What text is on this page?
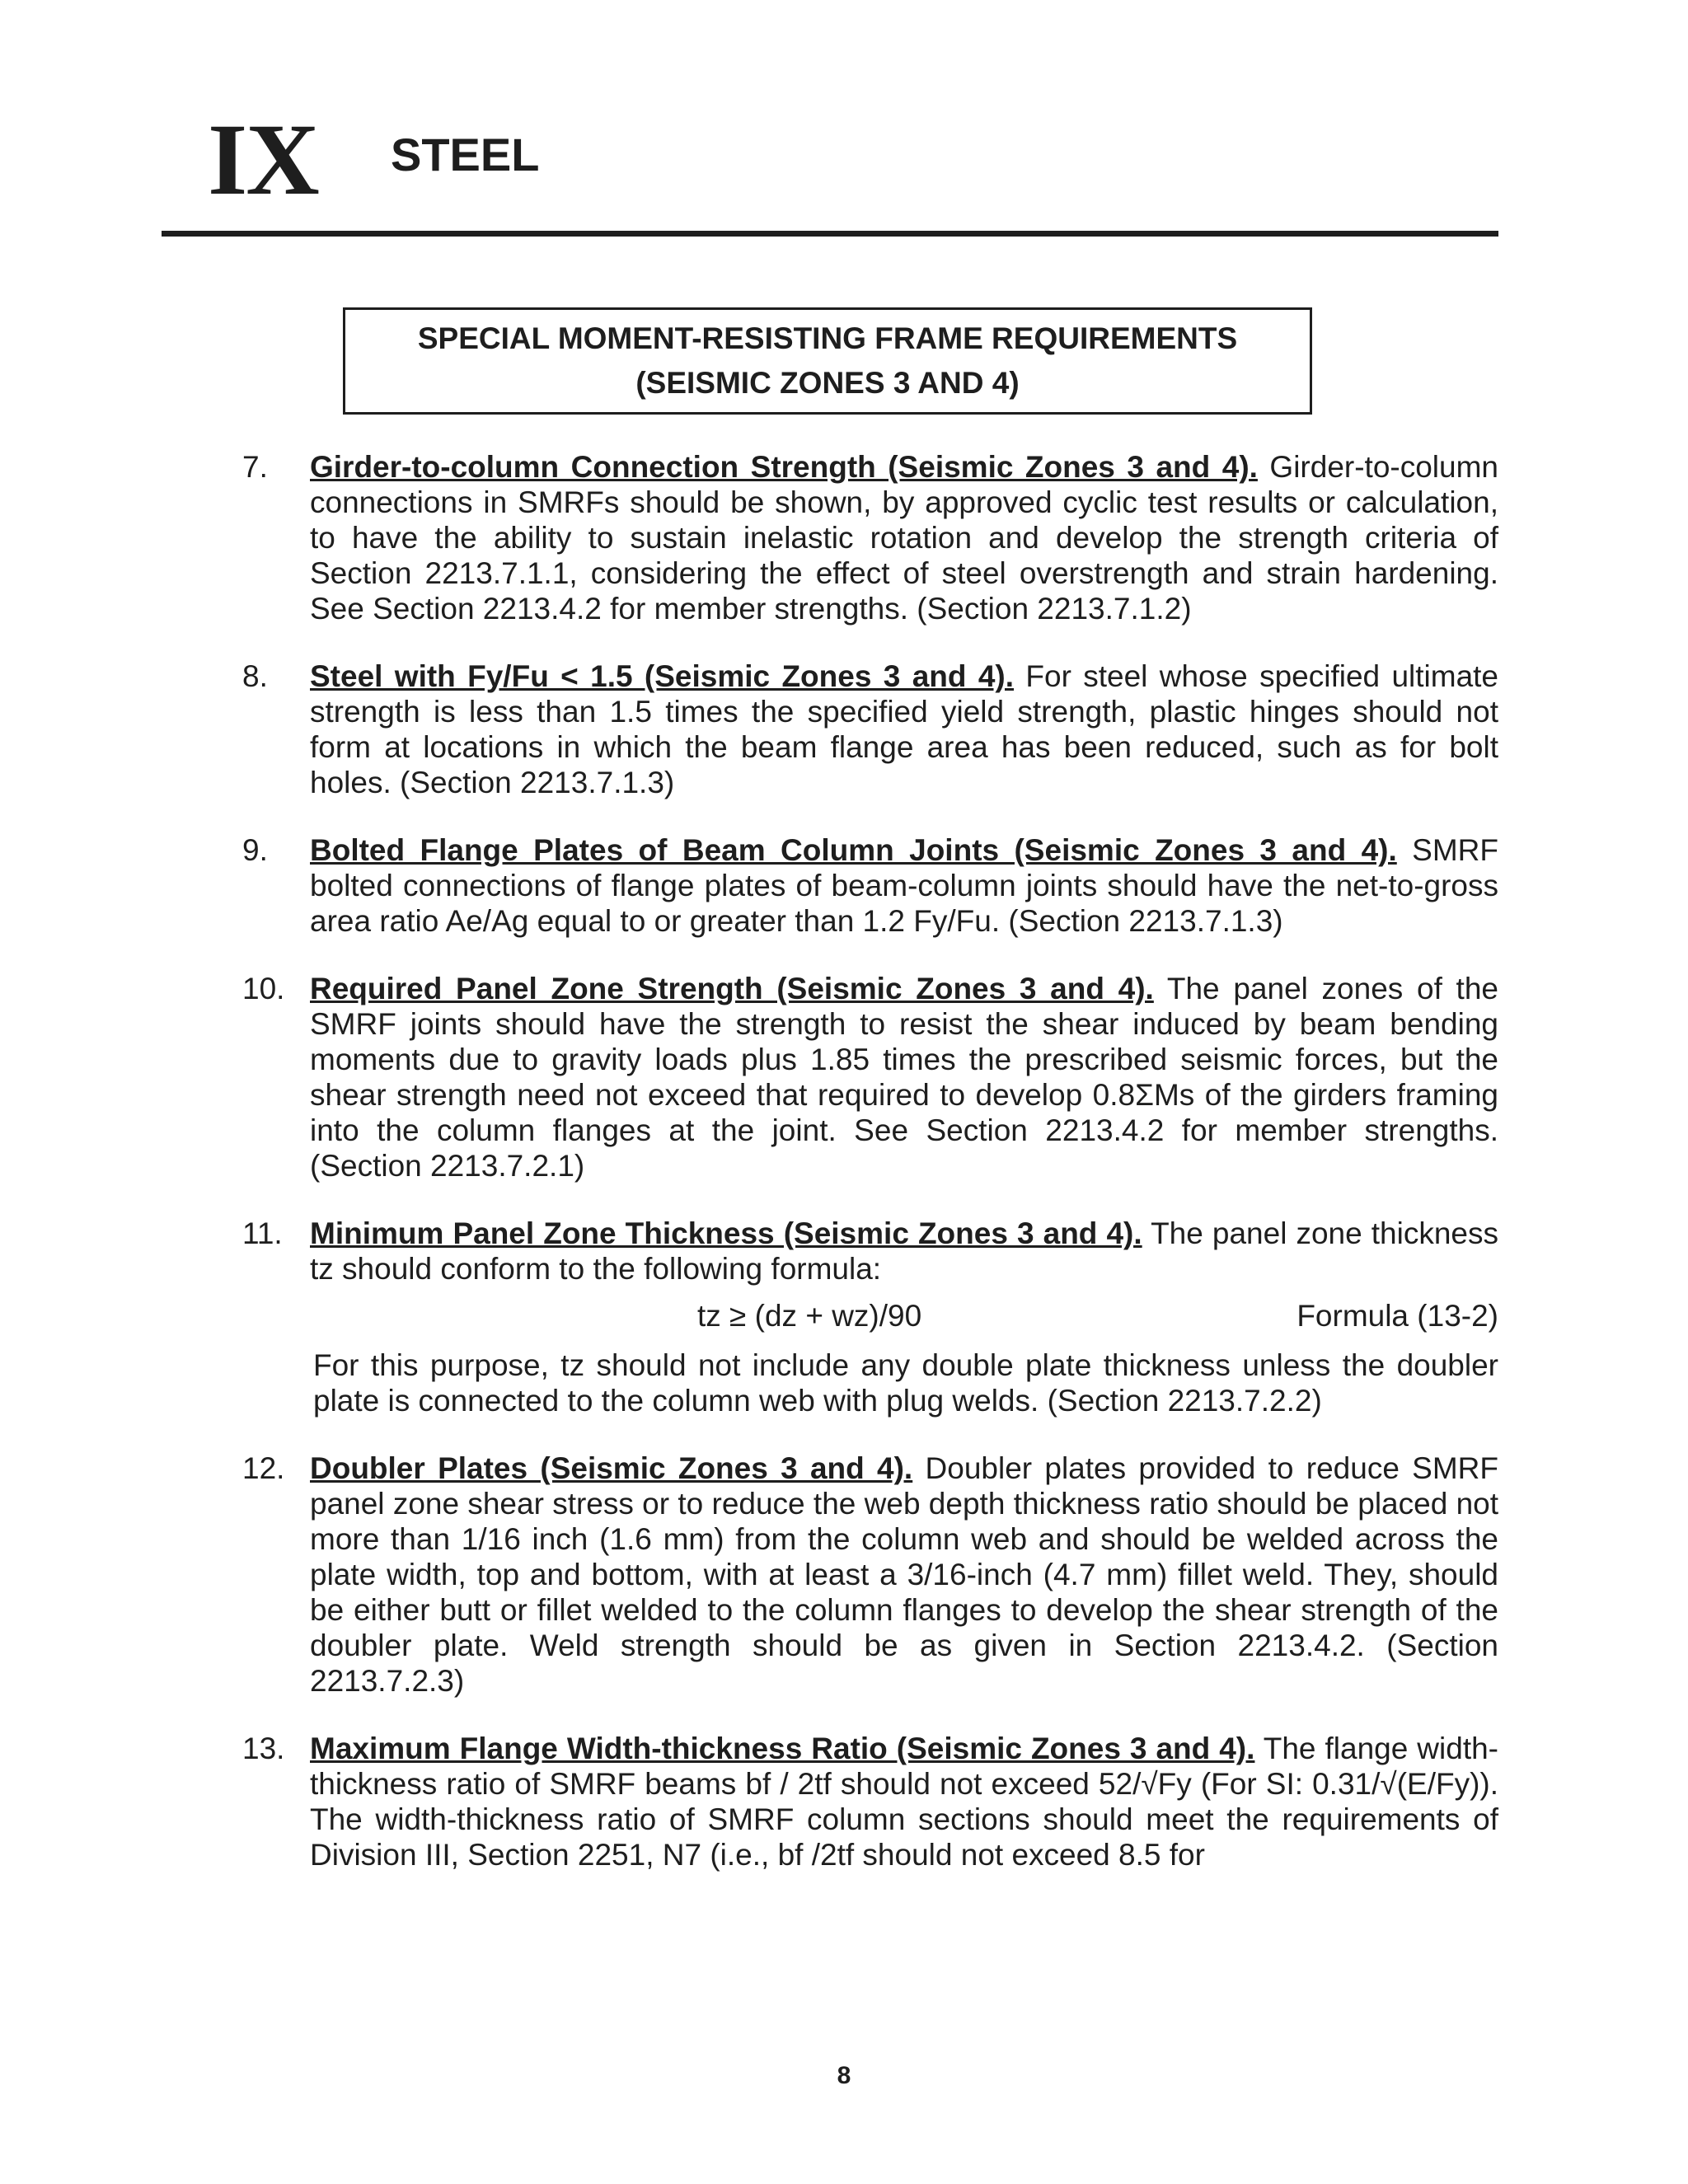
IX STEEL
SPECIAL MOMENT-RESISTING FRAME REQUIREMENTS
(SEISMIC ZONES 3 AND 4)
7. Girder-to-column Connection Strength (Seismic Zones 3 and 4). Girder-to-column connections in SMRFs should be shown, by approved cyclic test results or calculation, to have the ability to sustain inelastic rotation and develop the strength criteria of Section 2213.7.1.1, considering the effect of steel overstrength and strain hardening. See Section 2213.4.2 for member strengths. (Section 2213.7.1.2)
8. Steel with Fy/Fu < 1.5 (Seismic Zones 3 and 4). For steel whose specified ultimate strength is less than 1.5 times the specified yield strength, plastic hinges should not form at locations in which the beam flange area has been reduced, such as for bolt holes. (Section 2213.7.1.3)
9. Bolted Flange Plates of Beam Column Joints (Seismic Zones 3 and 4). SMRF bolted connections of flange plates of beam-column joints should have the net-to-gross area ratio Ae/Ag equal to or greater than 1.2 Fy/Fu. (Section 2213.7.1.3)
10. Required Panel Zone Strength (Seismic Zones 3 and 4). The panel zones of the SMRF joints should have the strength to resist the shear induced by beam bending moments due to gravity loads plus 1.85 times the prescribed seismic forces, but the shear strength need not exceed that required to develop 0.8ΣMs of the girders framing into the column flanges at the joint. See Section 2213.4.2 for member strengths. (Section 2213.7.2.1)
11. Minimum Panel Zone Thickness (Seismic Zones 3 and 4). The panel zone thickness tz should conform to the following formula:
tz ≥ (dz + wz)/90	Formula (13-2)
For this purpose, tz should not include any double plate thickness unless the doubler plate is connected to the column web with plug welds. (Section 2213.7.2.2)
12. Doubler Plates (Seismic Zones 3 and 4). Doubler plates provided to reduce SMRF panel zone shear stress or to reduce the web depth thickness ratio should be placed not more than 1/16 inch (1.6 mm) from the column web and should be welded across the plate width, top and bottom, with at least a 3/16-inch (4.7 mm) fillet weld. They, should be either butt or fillet welded to the column flanges to develop the shear strength of the doubler plate. Weld strength should be as given in Section 2213.4.2. (Section 2213.7.2.3)
13. Maximum Flange Width-thickness Ratio (Seismic Zones 3 and 4). The flange width-thickness ratio of SMRF beams bf / 2tf should not exceed 52/√Fy (For SI: 0.31/√(E/Fy)). The width-thickness ratio of SMRF column sections should meet the requirements of Division III, Section 2251, N7 (i.e., bf /2tf should not exceed 8.5 for
8
